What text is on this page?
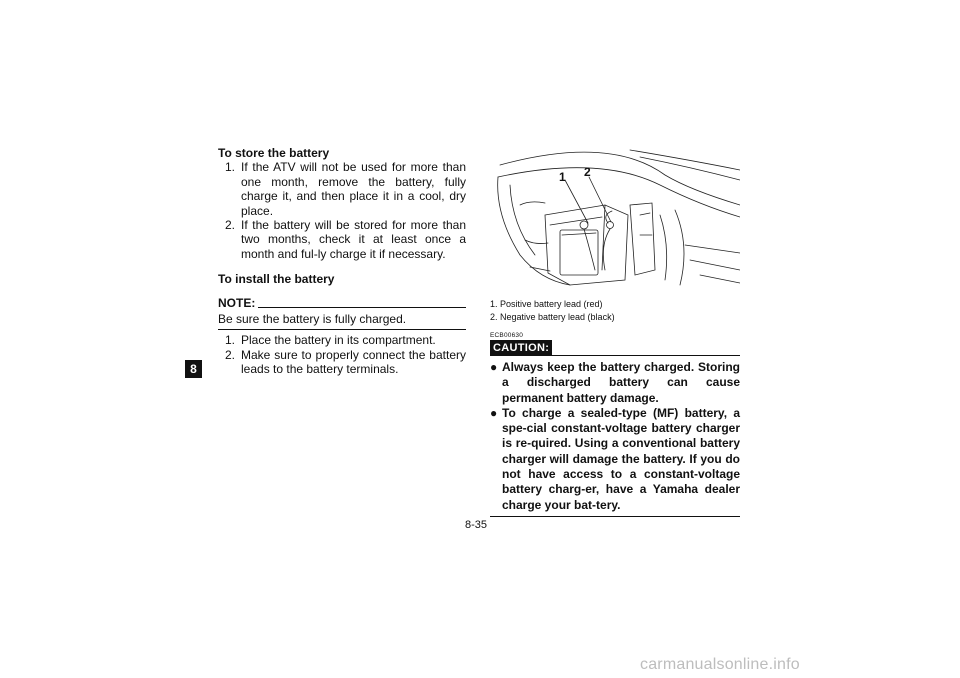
8
To store the battery
1. If the ATV will not be used for more than one month, remove the battery, fully charge it, and then place it in a cool, dry place.
2. If the battery will be stored for more than two months, check it at least once a month and ful-ly charge it if necessary.
To install the battery
NOTE:
Be sure the battery is fully charged.
1. Place the battery in its compartment.
2. Make sure to properly connect the battery leads to the battery terminals.
1 2
1. Positive battery lead (red)
2. Negative battery lead (black)
ECB00630
CAUTION:
● Always keep the battery charged. Storing a discharged battery can cause permanent battery damage.
● To charge a sealed-type (MF) battery, a spe-cial constant-voltage battery charger is re-quired. Using a conventional battery charger will damage the battery. If you do not have access to a constant-voltage battery charg-er, have a Yamaha dealer charge your bat-tery.
8-35
carmanualsonline.info
